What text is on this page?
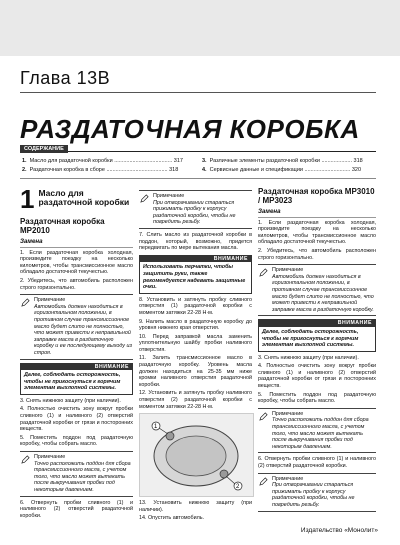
Глава 13B
РАЗДАТОЧНАЯ КОРОБКА
СОДЕРЖАНИЕ
1. Масло для раздаточной коробки ...................................... 317
2. Раздаточная коробка в сборе ........................................ 318
3. Различные элементы раздаточной коробки .................... 318
4. Сервисные данные и спецификации .............................. 320
1 Масло для раздаточной коробки
Раздаточная коробка MP2010
Замена
1. Если раздаточная коробка холодная, произведите поездку на несколько километров, чтобы трансмиссионное масло обладало достаточной текучестью.
2. Убедитесь, что автомобиль расположен строго горизонтально.
Примечание
Автомобиль должен находиться в горизонтальном положении, в противном случае трансмиссионное масло будет слито не полностью, что может привести к неправильной заправке масла в раздаточную коробку и ее последующему выходу из строя.
ВНИМАНИЕ
Далее, соблюдать осторожность, чтобы не прикоснуться к горячим элементам выхлопной системы.
3. Снять нижнюю защиту (при наличии).
4. Полностью очистить зону вокруг пробки сливного (1) и наливного (2) отверстий раздаточной коробки от грязи и посторонних веществ.
5. Поместить поддон под раздаточную коробку, чтобы собрать масло.
Примечание
Точно расположить поддон для сбора трансмиссионного масла, с учетом того, что масло может вытекать после выкручивания пробки под некоторым давлением.
6. Отвернуть пробки сливного (1) и наливного (2) отверстий раздаточной коробки.
Примечание
При отворачивании стараться прижимать пробку к корпусу раздаточной коробки, чтобы не повредить резьбу.
7. Слить масло из раздаточной коробки в поддон, который, возможно, придется передвигать по мере вытекания масла.
ВНИМАНИЕ
Использовать перчатки, чтобы защитить руки, также рекомендуется надевать защитные очки.
8. Установить и затянуть пробку сливного отверстия (1) раздаточной коробки с моментом затяжки 22-28 Н·м.
9. Налить масло в раздаточную коробку до уровня нижнего края отверстия.
10. Перед заправкой масла заменить уплотнительную шайбу пробки наливного отверстия.
11. Залить трансмиссионное масло в раздаточную коробку. Уровень масла должен находиться на 25-35 мм ниже кромки наливного отверстия раздаточной коробки.
12. Установить и затянуть пробку наливного отверстия (2) раздаточной коробки с моментом затяжки 22-28 Н·м.
1
2
13. Установить нижнюю защиту (при наличии).
14. Опустить автомобиль.
Раздаточная коробка MP3010 / MP3023
Замена
1. Если раздаточная коробка холодная, произведите поездку на несколько километров, чтобы трансмиссионное масло обладало достаточной текучестью.
2. Убедитесь, что автомобиль расположен строго горизонтально.
Примечание
Автомобиль должен находиться в горизонтальном положении, в противном случае трансмиссионное масло будет слито не полностью, что может привести к неправильной заправке масла в раздаточную коробку.
ВНИМАНИЕ
Далее, соблюдать осторожность, чтобы не прикоснуться к горячим элементам выхлопной системы.
3. Снять нижнюю защиту (при наличии).
4. Полностью очистить зону вокруг пробки сливного (1) и наливного (2) отверстий раздаточной коробки от грязи и посторонних веществ.
5. Поместить поддон под раздаточную коробку, чтобы собрать масло.
Примечание
Точно расположить поддон для сбора трансмиссионного масла, с учетом того, что масло может вытекать после выкручивания пробки под некоторым давлением.
6. Отвернуть пробки сливного (1) и наливного (2) отверстий раздаточной коробки.
Примечание
При отворачивании стараться прижимать пробку к корпусу раздаточной коробки, чтобы не повредить резьбу.
Издательство «Монолит»
